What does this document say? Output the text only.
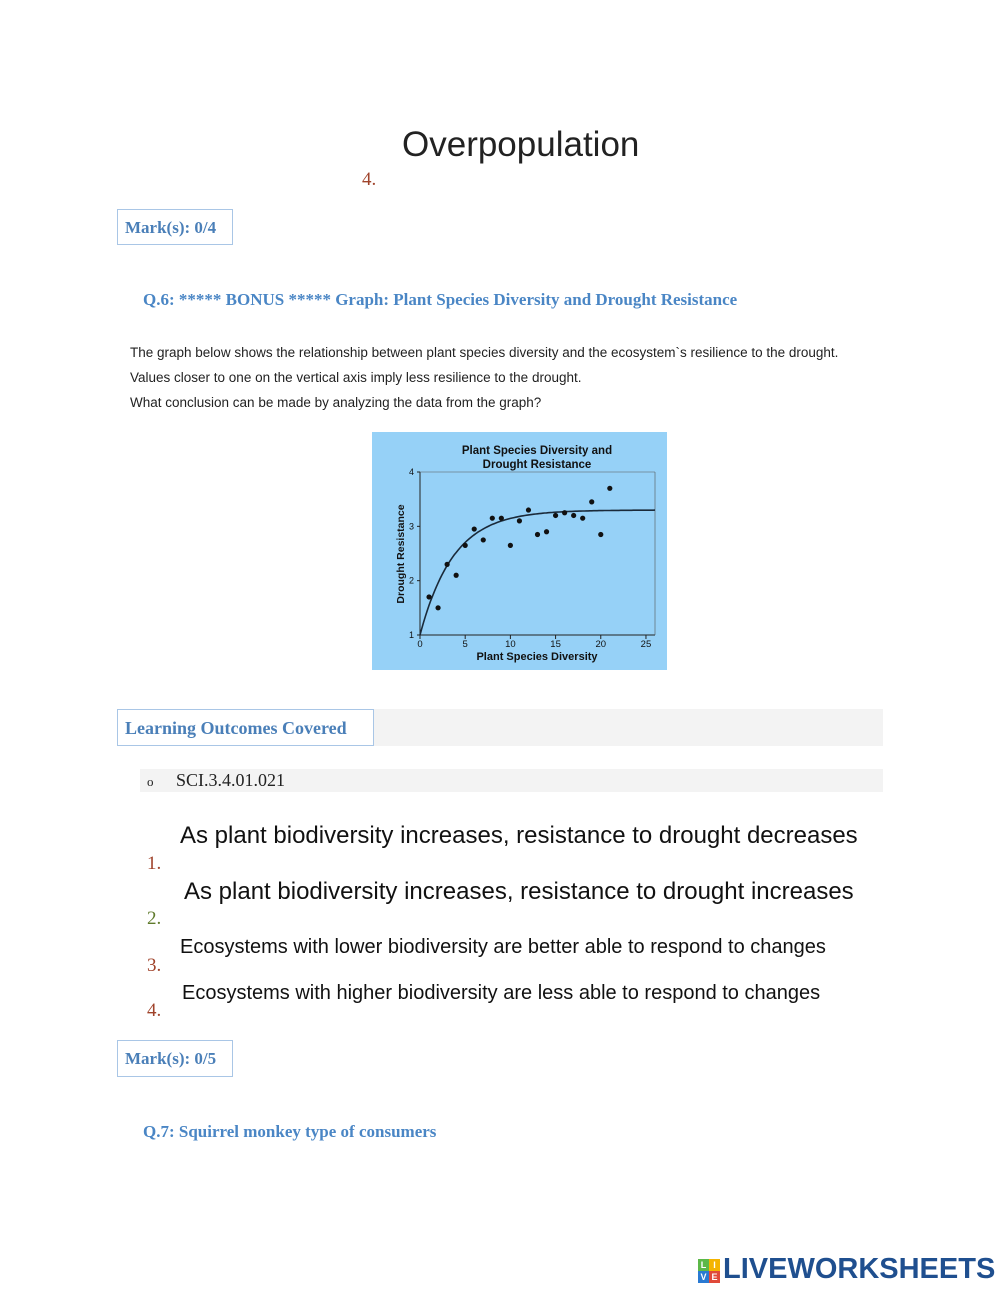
Overpopulation
4.
Mark(s): 0/4
Q.6: ***** BONUS ***** Graph: Plant Species Diversity and Drought Resistance
The graph below shows the relationship between plant species diversity and the ecosystem`s resilience to the drought.
Values closer to one on the vertical axis imply less resilience to the drought.
What conclusion can be made by analyzing the data from the graph?
Plant Species Diversity and
Drought Resistance
0	5	10	15	20	25
1
2
3
4
Plant Species Diversity
Drought Resistance
Learning Outcomes Covered
o SCI.3.4.01.021
As plant biodiversity increases, resistance to drought decreases
1.
As plant biodiversity increases, resistance to drought increases
2.
Ecosystems with lower biodiversity are better able to respond to changes
3.
Ecosystems with higher biodiversity are less able to respond to changes
4.
Mark(s): 0/5
Q.7: Squirrel monkey type of consumers
L I
V E LIVEWORKSHEETS
